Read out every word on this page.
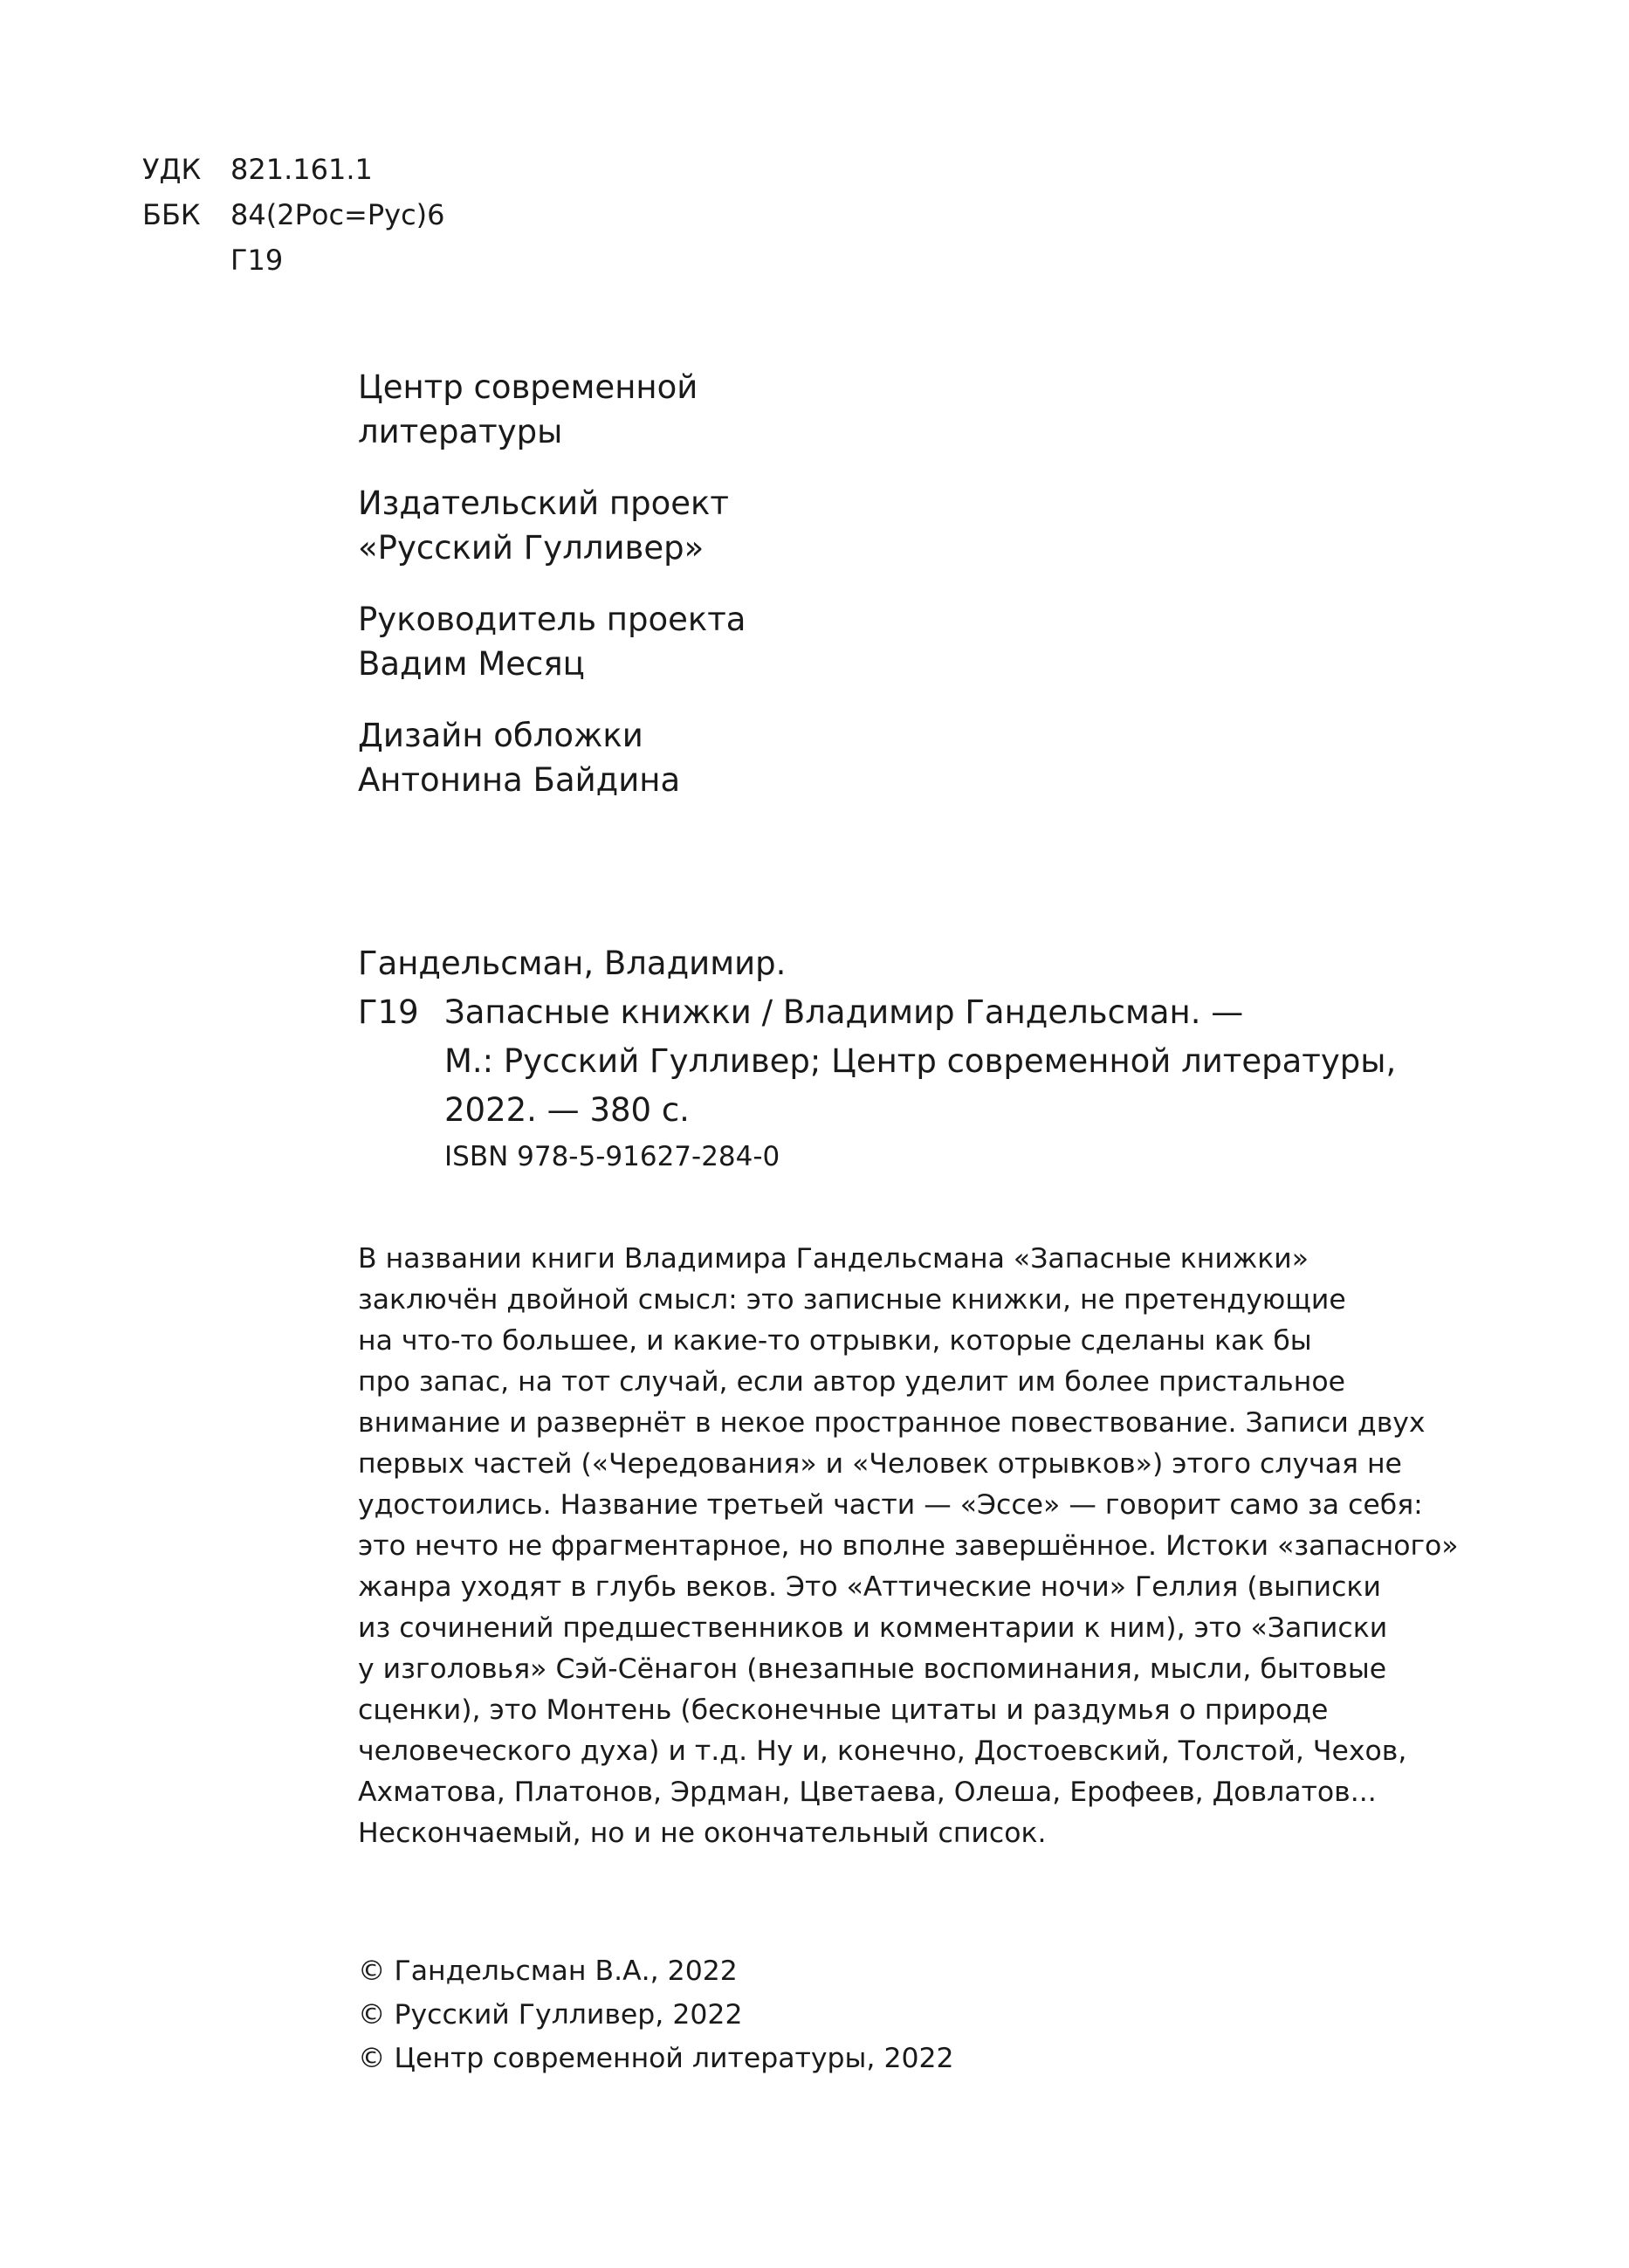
УДК	821.161.1
ББК	84(2Рос=Рус)6
Г19
Центр современной
литературы
Издательский проект
«Русский Гулливер»
Руководитель проекта
Вадим Месяц
Дизайн обложки
Антонина Байдина
Гандельсман, Владимир.
Г19 Запасные книжки / Владимир Гандельсман. —
М.: Русский Гулливер; Центр современной литературы,
2022. — 380 с.
ISBN 978-5-91627-284-0
В названии книги Владимира Гандельсмана «Запасные книжки»
заключён двойной смысл: это записные книжки, не претендующие
на что-то большее, и какие-то отрывки, которые сделаны как бы
про запас, на тот случай, если автор уделит им более пристальное
внимание и развернёт в некое пространное повествование. Записи двух
первых частей («Чередования» и «Человек отрывков») этого случая не
удостоились. Название третьей части — «Эссе» — говорит само за себя:
это нечто не фрагментарное, но вполне завершённое. Истоки «запасного»
жанра уходят в глубь веков. Это «Аттические ночи» Геллия (выписки
из сочинений предшественников и комментарии к ним), это «Записки
у изголовья» Сэй-Сёнагон (внезапные воспоминания, мысли, бытовые
сценки), это Монтень (бесконечные цитаты и раздумья о природе
человеческого духа) и т.д. Ну и, конечно, Достоевский, Толстой, Чехов,
Ахматова, Платонов, Эрдман, Цветаева, Олеша, Ерофеев, Довлатов...
Нескончаемый, но и не окончательный список.
© Гандельсман В.А., 2022
© Русский Гулливер, 2022
© Центр современной литературы, 2022
